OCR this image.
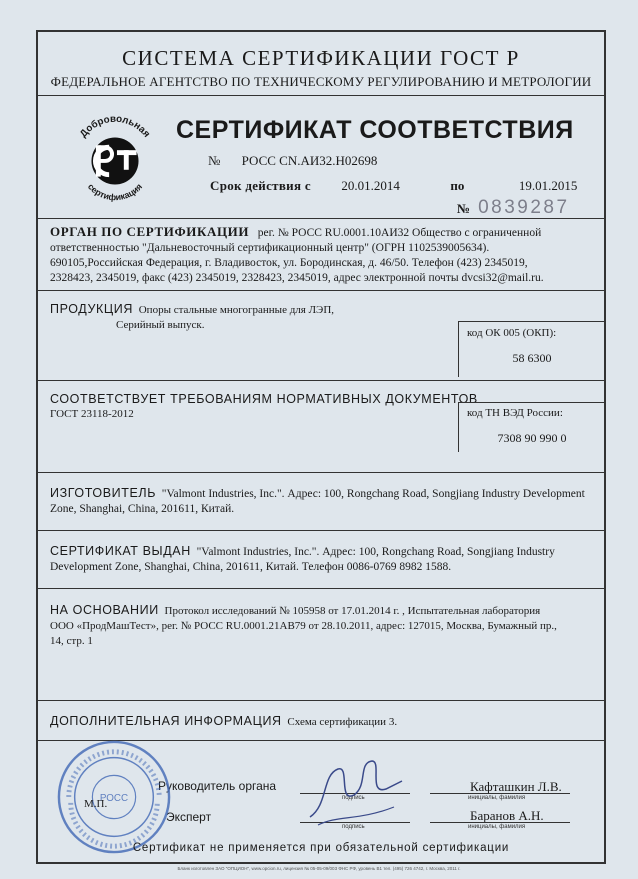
СИСТЕМА СЕРТИФИКАЦИИ ГОСТ Р
ФЕДЕРАЛЬНОЕ АГЕНТСТВО ПО ТЕХНИЧЕСКОМУ РЕГУЛИРОВАНИЮ И МЕТРОЛОГИИ
Добровольная
сертификация
СЕРТИФИКАТ СООТВЕТСТВИЯ
№ РОСС CN.АИ32.Н02698
Срок действия с 20.01.2014	по	19.01.2015
№ 0839287
ОРГАН ПО СЕРТИФИКАЦИИ рег. № РОСС RU.0001.10АИ32 Общество с ограниченной
ответственностью "Дальневосточный сертификационный центр" (ОГРН 1102539005634).
690105,Российская Федерация, г. Владивосток, ул. Бородинская, д. 46/50. Телефон (423) 2345019,
2328423, 2345019, факс (423) 2345019, 2328423, 2345019, адрес электронной почты dvcsi32@mail.ru.
ПРОДУКЦИЯ Опоры стальные многогранные для ЛЭП,
Серийный выпуск.
код ОК 005 (ОКП):
58 6300
СООТВЕТСТВУЕТ ТРЕБОВАНИЯМ НОРМАТИВНЫХ ДОКУМЕНТОВ
ГОСТ 23118-2012	код ТН ВЭД России:
7308 90 990 0
ИЗГОТОВИТЕЛЬ "Valmont Industries, Inc.". Адрес: 100, Rongchang Road, Songjiang Industry Development
Zone, Shanghai, China, 201611, Китай.
СЕРТИФИКАТ ВЫДАН "Valmont Industries, Inc.". Адрес: 100, Rongchang Road, Songjiang Industry
Development Zone, Shanghai, China, 201611, Китай. Телефон 0086-0769 8982 1588.
НА ОСНОВАНИИ Протокол исследований № 105958 от 17.01.2014 г. , Испытательная лаборатория
ООО «ПродМашТест», рег. № РОСС RU.0001.21АВ79 от 28.10.2011, адрес: 127015, Москва, Бумажный пр.,
14, стр. 1
ДОПОЛНИТЕЛЬНАЯ ИНФОРМАЦИЯ Схема сертификации 3.
Руководитель органа
подпись
Кафташкин Л.В.
инициалы, фамилия
Эксперт
подпись
Баранов А.Н.
инициалы, фамилия
РОСС
М.П.
Сертификат не применяется при обязательной сертификации
Бланк изготовлен ЗАО "ОПЦИОН", www.opcion.ru, лицензия № 05-05-09/003 ФНС РФ, уровень B1 тел. (495) 726 4742, г. Москва, 2011 г.
